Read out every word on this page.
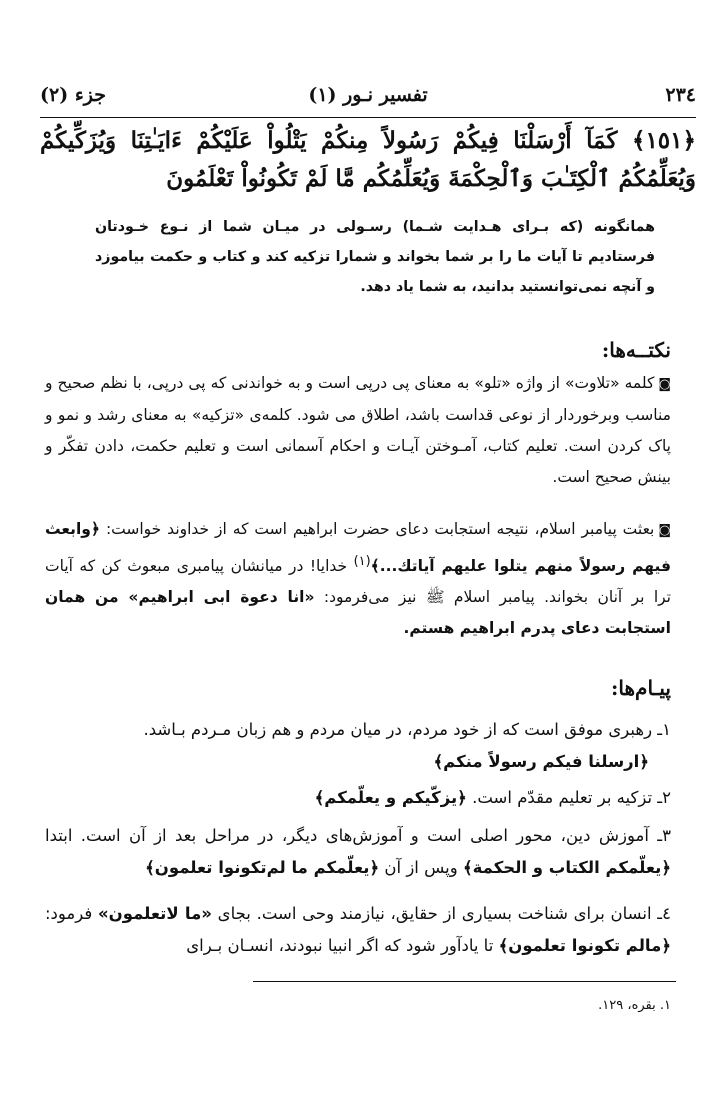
۲۳٤
تفسیر نـور (۱)
جزء (۲)
﴿١٥١﴾ كَمَآ أَرْسَلْنَا فِيكُمْ رَسُولاً مِنكُمْ يَتْلُواْ عَلَيْكُمْ ءَايَـٰتِنَا وَيُزَكِّيكُمْ
وَيُعَلِّمُكُمُ ٱلْكِتَـٰبَ وَٱلْحِكْمَةَ وَيُعَلِّمُكُم مَّا لَمْ تَكُونُواْ تَعْلَمُونَ
همانگونه (كه بـراى هـدايت شـما) رسـولى در ميـان شما از نـوع خـودتان فرستاديم تا آيات ما را بر شما بخواند و شمارا تزكيه كند و كتاب و حكمت بياموزد و آنچه نمى‌توانستيد بدانيد، به شما ياد دهد.
نكتــه‌ها:
◙كلمه «تلاوت» از واژه «تلو» به معناى پى درپى است و به خواندنى كه پى درپى، با نظم صحيح و مناسب وبرخوردار از نوعى قداست باشد، اطلاق مى شود. كلمه‌ى «تزكيه» به معناى رشد و نمو و پاک كردن است. تعليم كتاب، آمـوختن آيـات و احكام آسمانى است و تعليم حكمت، دادن تفكّر و بينش صحيح است.
◙بعثت پيامبر اسلام، نتيجه استجابت دعاى حضرت ابراهيم است كه از خداوند خواست: ﴿وابعث فيهم رسولاً منهم يتلوا عليهم آياتك...﴾$^{(١)}$ خدايا! در ميانشان پيامبرى مبعوث كن كه آيات ترا بر آنان بخواند. پيامبر اسلام ﷺ نيز مى‌فرمود: «انا دعوة ابى ابراهيم» من همان استجابت دعاى پدرم ابراهيم هستم.
پيـام‌ها:
۱ـ رهبرى موفق است كه از خود مردم، در ميان مردم و هم زبان مـردم بـاشد.
﴿ارسلنا فيكم رسولاً منكم﴾
۲ـ تزكيه بر تعليم مقدّم است. ﴿يزكّيكم و يعلّمكم﴾
۳ـ آموزش دين، محور اصلى است و آموزش‌هاى ديگر، در مراحل بعد از آن است. ابتدا ﴿يعلّمكم الكتاب و الحكمة﴾ وپس از آن ﴿يعلّمكم ما لم‌تكونوا تعلمون﴾
٤ـ انسان براى شناخت بسيارى از حقايق، نيازمند وحى است. بجاى «ما لاتعلمون» فرمود: ﴿مالم تكونوا تعلمون﴾ تا يادآور شود كه اگر انبيا نبودند، انسـان بـراى
١. بقره، ١٢٩.
